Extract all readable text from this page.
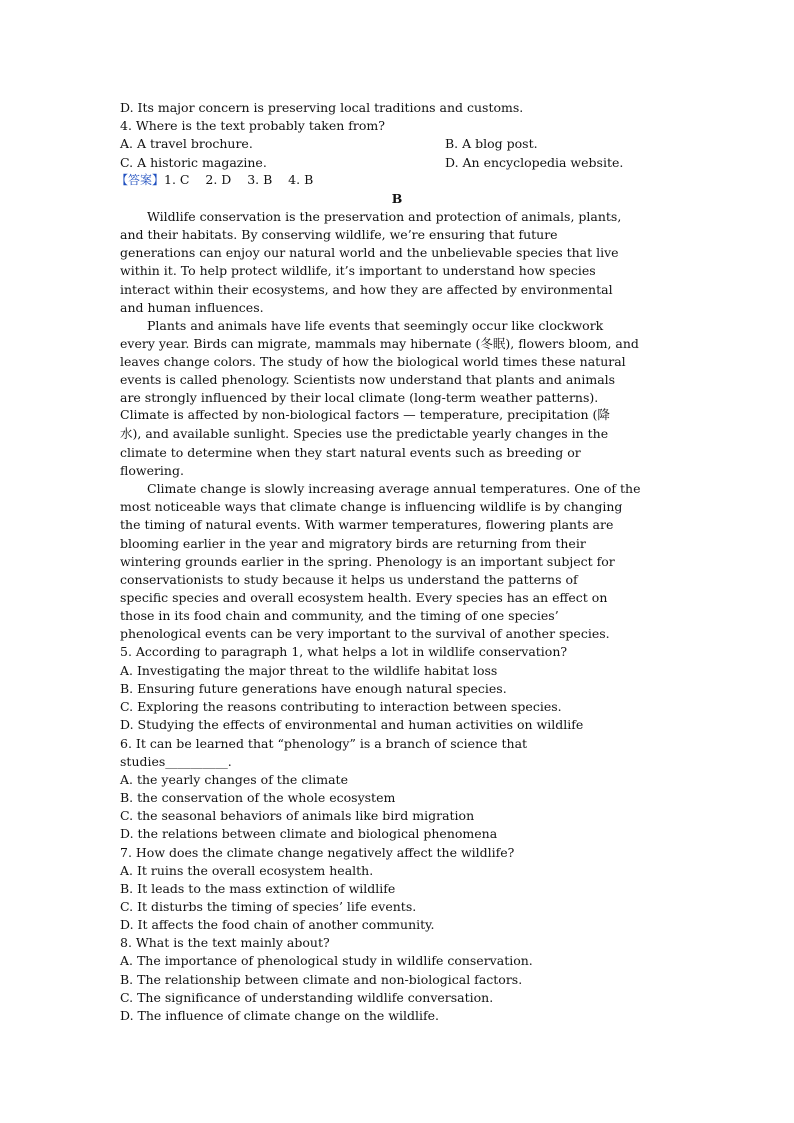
D. Its major concern is preserving local traditions and customs.
4. Where is the text probably taken from?
A. A travel brochure.	B. A blog post.
C. A historic magazine.	D. An encyclopedia website.
【答案】1. C    2. D    3. B    4. B
B
Wildlife conservation is the preservation and protection of animals, plants,
and their habitats. By conserving wildlife, we’re ensuring that future
generations can enjoy our natural world and the unbelievable species that live
within it. To help protect wildlife, it’s important to understand how species
interact within their ecosystems, and how they are affected by environmental
and human influences.
Plants and animals have life events that seemingly occur like clockwork
every year. Birds can migrate, mammals may hibernate (冬眠), flowers bloom, and
leaves change colors. The study of how the biological world times these natural
events is called phenology. Scientists now understand that plants and animals
are strongly influenced by their local climate (long-term weather patterns).
Climate is affected by non-biological factors — temperature, precipitation (降
水), and available sunlight. Species use the predictable yearly changes in the
climate to determine when they start natural events such as breeding or
flowering.
Climate change is slowly increasing average annual temperatures. One of the
most noticeable ways that climate change is influencing wildlife is by changing
the timing of natural events. With warmer temperatures, flowering plants are
blooming earlier in the year and migratory birds are returning from their
wintering grounds earlier in the spring. Phenology is an important subject for
conservationists to study because it helps us understand the patterns of
specific species and overall ecosystem health. Every species has an effect on
those in its food chain and community, and the timing of one species’
phenological events can be very important to the survival of another species.
5. According to paragraph 1, what helps a lot in wildlife conservation?
A. Investigating the major threat to the wildlife habitat loss
B. Ensuring future generations have enough natural species.
C. Exploring the reasons contributing to interaction between species.
D. Studying the effects of environmental and human activities on wildlife
6. It can be learned that “phenology” is a branch of science that
studies__________.
A. the yearly changes of the climate
B. the conservation of the whole ecosystem
C. the seasonal behaviors of animals like bird migration
D. the relations between climate and biological phenomena
7. How does the climate change negatively affect the wildlife?
A. It ruins the overall ecosystem health.
B. It leads to the mass extinction of wildlife
C. It disturbs the timing of species’ life events.
D. It affects the food chain of another community.
8. What is the text mainly about?
A. The importance of phenological study in wildlife conservation.
B. The relationship between climate and non-biological factors.
C. The significance of understanding wildlife conversation.
D. The influence of climate change on the wildlife.
